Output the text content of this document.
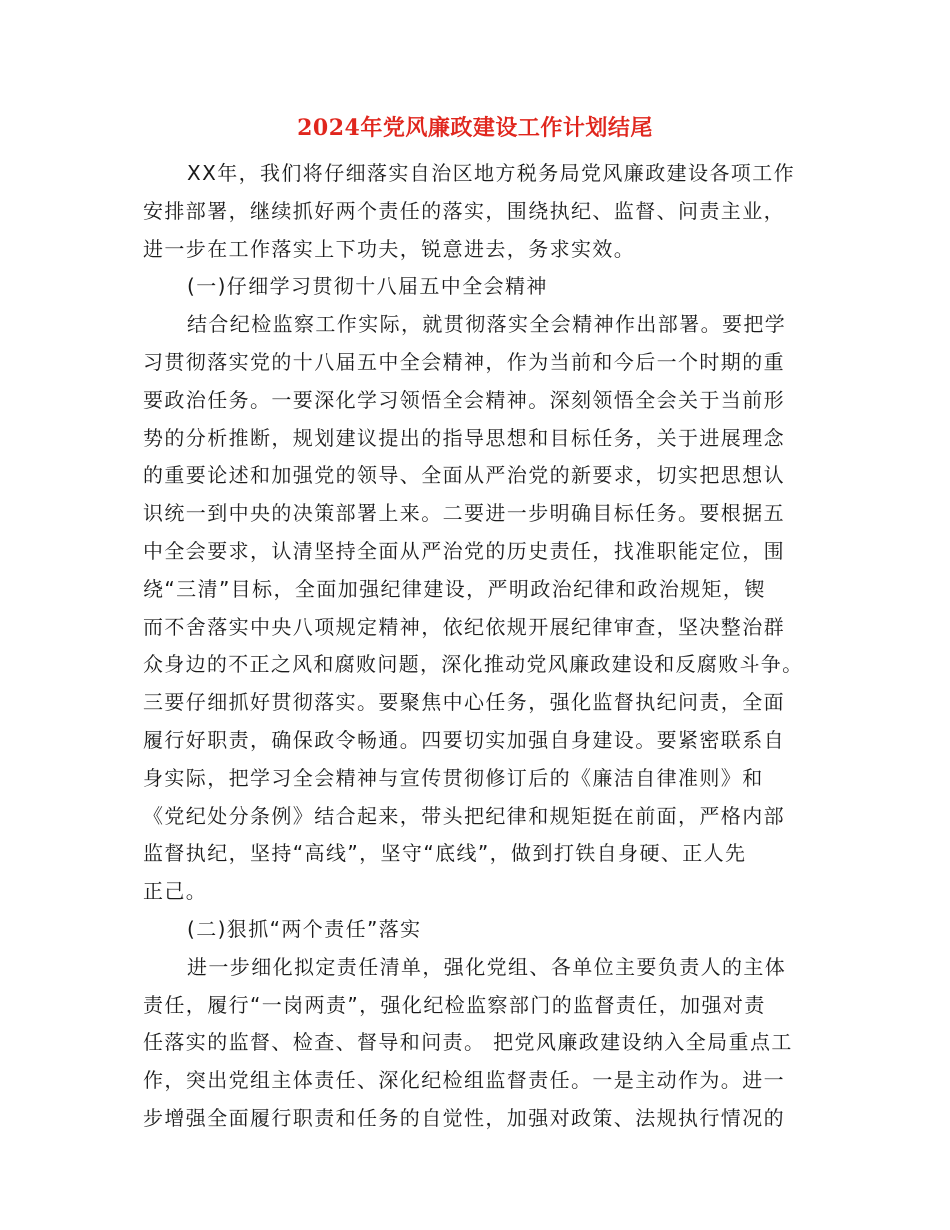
2024年党风廉政建设工作计划结尾
XX年，我们将仔细落实自治区地方税务局党风廉政建设各项工作
安排部署，继续抓好两个责任的落实，围绕执纪、监督、问责主业，
进一步在工作落实上下功夫，锐意进去，务求实效。
(一)仔细学习贯彻十八届五中全会精神
结合纪检监察工作实际，就贯彻落实全会精神作出部署。要把学
习贯彻落实党的十八届五中全会精神，作为当前和今后一个时期的重
要政治任务。一要深化学习领悟全会精神。深刻领悟全会关于当前形
势的分析推断，规划建议提出的指导思想和目标任务，关于进展理念
的重要论述和加强党的领导、全面从严治党的新要求，切实把思想认
识统一到中央的决策部署上来。二要进一步明确目标任务。要根据五
中全会要求，认清坚持全面从严治党的历史责任，找准职能定位，围
绕“三清”目标，全面加强纪律建设，严明政治纪律和政治规矩，锲
而不舍落实中央八项规定精神，依纪依规开展纪律审查，坚决整治群
众身边的不正之风和腐败问题，深化推动党风廉政建设和反腐败斗争。
三要仔细抓好贯彻落实。要聚焦中心任务，强化监督执纪问责，全面
履行好职责，确保政令畅通。四要切实加强自身建设。要紧密联系自
身实际，把学习全会精神与宣传贯彻修订后的《廉洁自律准则》和
《党纪处分条例》结合起来，带头把纪律和规矩挺在前面，严格内部
监督执纪，坚持“高线”，坚守“底线”，做到打铁自身硬、正人先
正己。
(二)狠抓“两个责任”落实
进一步细化拟定责任清单，强化党组、各单位主要负责人的主体
责任，履行“一岗两责”，强化纪检监察部门的监督责任，加强对责
任落实的监督、检查、督导和问责。 把党风廉政建设纳入全局重点工
作，突出党组主体责任、深化纪检组监督责任。一是主动作为。进一
步增强全面履行职责和任务的自觉性，加强对政策、法规执行情况的
